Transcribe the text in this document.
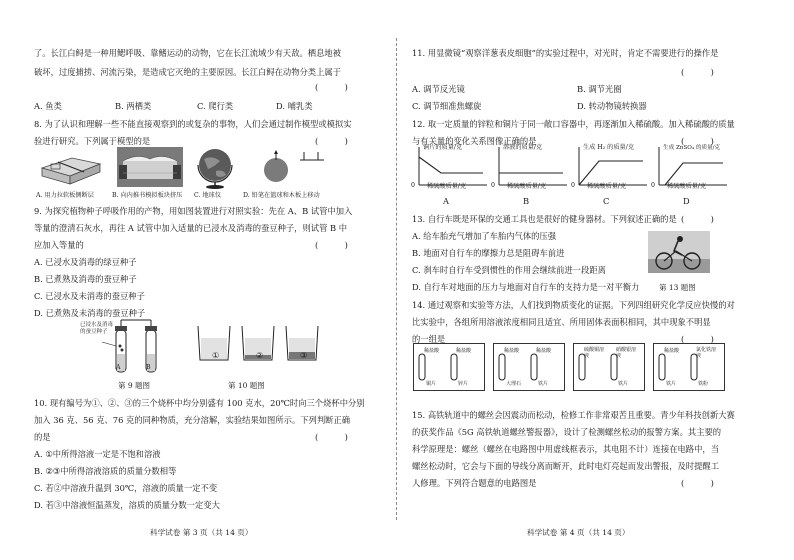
了。长江白鲟是一种用鳃呼吸、靠鳍运动的动物，它在长江流域少有天敌。栖息地被
破坏，过度捕捞、河流污染，是造成它灭绝的主要原因。长江白鲟在动物分类上属于
(          )
A. 鱼类	B. 两栖类	C. 爬行类	D. 哺乳类
8. 为了认识和理解一些不能直接观察到的或复杂的事物，人们会通过制作模型或模拟实
验进行研究。下列属于模型的是	(          )
A. 用力拉软板侧断层	B. 向内推书模拟板块挤压 C. 地球仪	D. 铅笔在篮球和木板上移动
9. 为探究植物种子呼吸作用的产物，用如图装置进行对照实验：先在 A、B 试管中加入
等量的澄清石灰水，再往 A 试管中加入适量的已浸水及消毒的蚕豆种子，则试管 B 中
应加入等量的	(          )
A. 已浸水及消毒的绿豆种子
B. 已煮熟及消毒的蚕豆种子
C. 已浸水及未消毒的蚕豆种子
D. 已煮熟及未消毒的蚕豆种子
已浸水及消毒的蚕豆种子
A	B
①	②	③
第 9 题图	第 10 题图
10. 现有编号为①、②、③的三个烧杯中均分别盛有 100 克水，20℃时向三个烧杯中分别
加入 36 克、56 克、76 克的同种物质，充分溶解，实验结果如图所示。下列判断正确
的是	(          )
A. ①中所得溶液一定是不饱和溶液
B. ②③中所得溶液溶质的质量分数相等
C. 若②中溶液升温到 30℃，溶液的质量一定不变
D. 若③中溶液恒温蒸发，溶质的质量分数一定变大
科学试卷 第 3 页（共 14 页）
11. 用显微镜“观察洋葱表皮细胞”的实验过程中，对光时，肯定不需要进行的操作是
(          )
A. 调节反光镜	B. 调节光圈
C. 调节细准焦螺旋	D. 转动物镜转换器
12. 取一定质量的锌粒和铜片于同一敞口容器中，再逐渐加入稀硫酸。加入稀硫酸的质量
与有关量的变化关系图像正确的是	(          )
铜片的质量/克	溶液的质量/克	生成 H₂ 的质量/克	生成 ZnSO₄ 的质量/克
0	0	0	0
稀硫酸质量/克	稀硫酸质量/克	稀硫酸质量/克	稀硫酸质量/克
A	B	C	D
13. 自行车既是环保的交通工具也是很好的健身器材。下列叙述正确的是 (          )
A. 给车胎充气增加了车胎内气体的压强
B. 地面对自行车的摩擦力总是阻碍车前进
C. 刹车时自行车受到惯性的作用会继续前进一段距离
D. 自行车对地面的压力与地面对自行车的支持力是一对平衡力	第 13 题图
14. 通过观察和实验等方法，人们找到物质变化的证据。下列四组研究化学反应快慢的对
比实验中，各组所用溶液浓度相同且适宜、所用固体表面积相同，其中现象不明显
的一组是	(          )
稀盐酸	稀盐酸
铜片	锌片
稀盐酸	稀盐酸
大理石	铁片
硫酸铜溶液
硝酸银溶液
铁片
稀盐酸	氯化铁溶液
铁片	铁粉
15. 高铁轨道中的螺丝会因震动而松动，检修工作非常艰苦且重要。青少年科技创新大赛
的获奖作品《5G 高铁轨道螺丝警报器》，设计了检测螺丝松动的报警方案。其主要的
科学原理是：螺丝（螺丝在电路图中用虚线框表示，其电阻不计）连接在电路中，当
螺丝松动时，它会与下面的导线分离而断开，此时电灯亮起而发出警报，及时提醒工
人修理。下列符合题意的电路图是	(          )
科学试卷 第 4 页（共 14 页）
